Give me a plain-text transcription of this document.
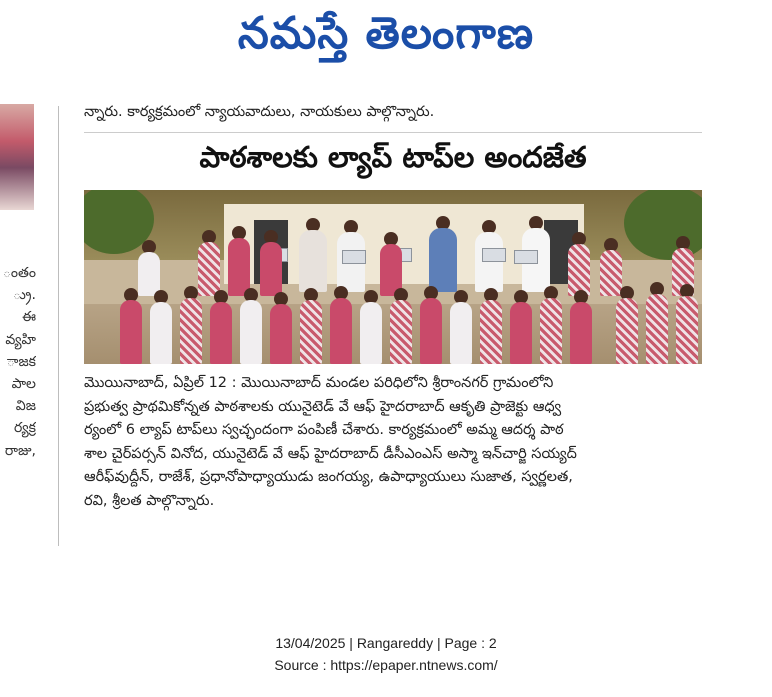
నమస్తే తెలంగాణ
ంతం
్రు.
ఈ
వ్యహి
ాజక
పాల
విజ
ర్యక్ర
రాజు,
న్నారు. కార్యక్రమంలో న్యాయవాదులు, నాయకులు పాల్గొన్నారు.
పాఠశాలకు ల్యాప్ టాప్‌ల అందజేత
మొయినాబాద్, ఏప్రిల్ 12 : మొయినాబాద్ మండల పరిధిలోని శ్రీరాంనగర్ గ్రామంలోని
ప్రభుత్వ ప్రాథమికోన్నత పాఠశాలకు యునైటెడ్ వే ఆఫ్ హైదరాబాద్ ఆకృతి ప్రాజెక్టు ఆధ్వ
ర్యంలో 6 ల్యాప్ టాప్‌లు స్వచ్ఛందంగా పంపిణీ చేశారు. కార్యక్రమంలో అమ్మ ఆదర్శ పాఠ
శాల చైర్‌పర్సన్ వినోద, యునైటెడ్ వే ఆఫ్ హైదరాబాద్ డీసీఎంఎస్ అస్మా ఇన్‌చార్జి సయ్యద్
ఆరీఫ్‌వుద్దీన్, రాజేశ్, ప్రధానోపాధ్యాయుడు జంగయ్య, ఉపాధ్యాయులు సుజాత, స్వర్ణలత,
రవి, శ్రీలత పాల్గొన్నారు.
13/04/2025 | Rangareddy | Page : 2
Source : https://epaper.ntnews.com/
